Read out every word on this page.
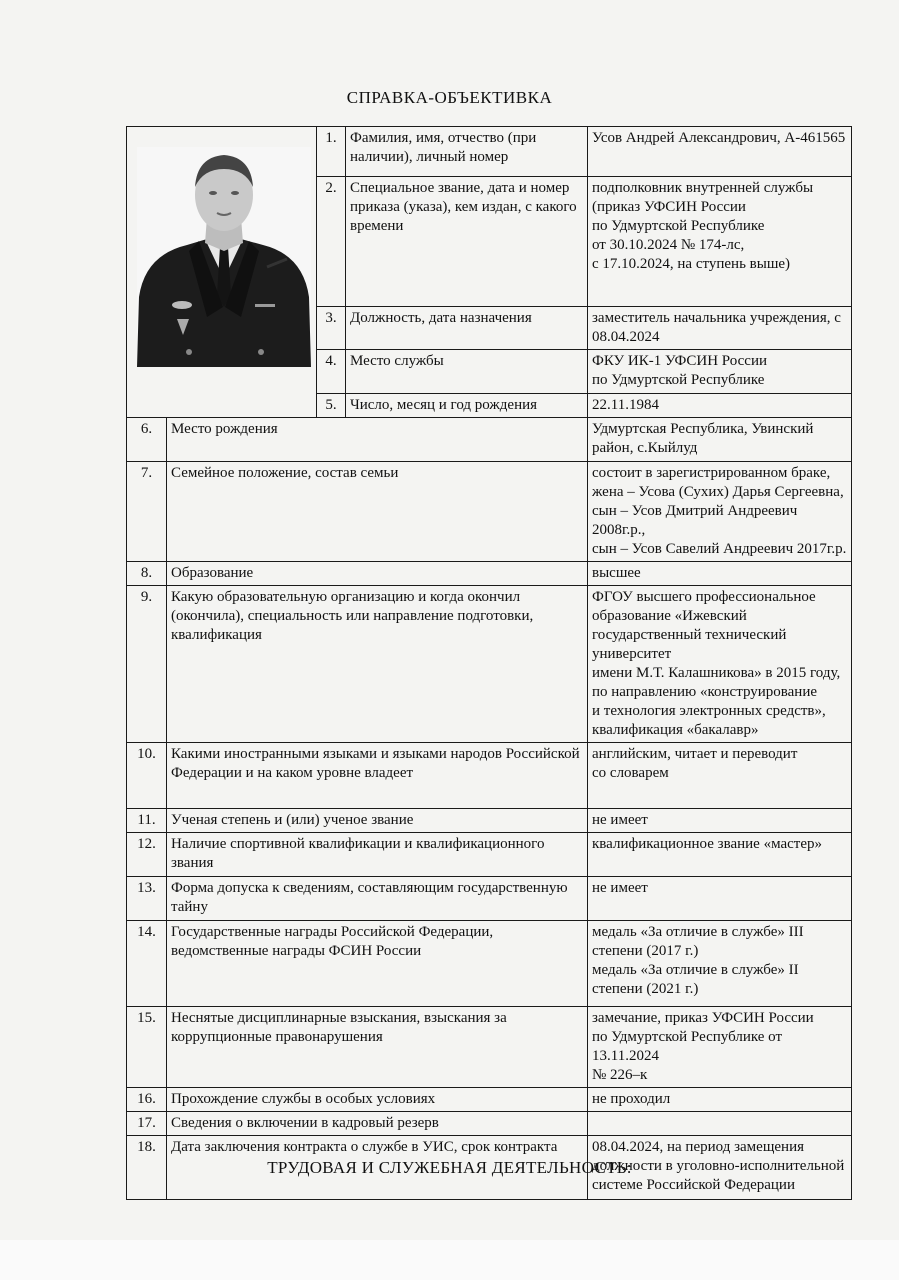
СПРАВКА-ОБЪЕКТИВКА
	1.	Фамилия, имя, отчество (при наличии), личный номер	Усов Андрей Александрович, А-461565
		2.	Специальное звание, дата и номер приказа (указа), кем издан, с какого времени	подполковник внутренней службы
(приказ УФСИН России
по Удмуртской Республике
от 30.10.2024 № 174-лс,
с 17.10.2024, на ступень выше)
		3.	Должность, дата назначения	заместитель начальника учреждения, с 08.04.2024
		4.	Место службы	ФКУ ИК-1 УФСИН России
по Удмуртской Республике
		5.	Число, месяц и год рождения	22.11.1984
6.	Место рождения			Удмуртская Республика, Увинский район, с.Кыйлуд
7.	Семейное положение, состав семьи			состоит в зарегистрированном браке,
жена – Усова (Сухих) Дарья Сергеевна,
сын – Усов Дмитрий Андреевич 2008г.р.,
сын – Усов Савелий Андреевич 2017г.р.
8.	Образование			высшее
9.	Какую образовательную организацию и когда окончил (окончила), специальность или направление подготовки, квалификация			ФГОУ высшего профессиональное образование «Ижевский государственный технический университет
имени М.Т. Калашникова» в 2015 году,
по направлению «конструирование
и технология электронных средств»,
квалификация «бакалавр»
10.	Какими иностранными языками и языками народов Российской Федерации и на каком уровне владеет			английским, читает и переводит
со словарем
11.	Ученая степень и (или) ученое звание			не имеет
12.	Наличие спортивной квалификации и квалификационного звания			квалификационное звание «мастер»
13.	Форма допуска к сведениям, составляющим государственную тайну			не имеет
14.	Государственные награды Российской Федерации, ведомственные награды ФСИН России			медаль «За отличие в службе» III степени (2017 г.)
медаль «За отличие в службе» II степени (2021 г.)
15.	Неснятые дисциплинарные взыскания, взыскания за коррупционные правонарушения			замечание, приказ УФСИН России
по Удмуртской Республике от 13.11.2024
№ 226–к
16.	Прохождение службы в особых условиях			не проходил
17.	Сведения о включении в кадровый резерв			
18.	Дата заключения контракта о службе в УИС, срок контракта			08.04.2024, на период замещения должности в уголовно-исполнительной системе Российской Федерации
ТРУДОВАЯ И СЛУЖЕБНАЯ ДЕЯТЕЛЬНОСТЬ:
